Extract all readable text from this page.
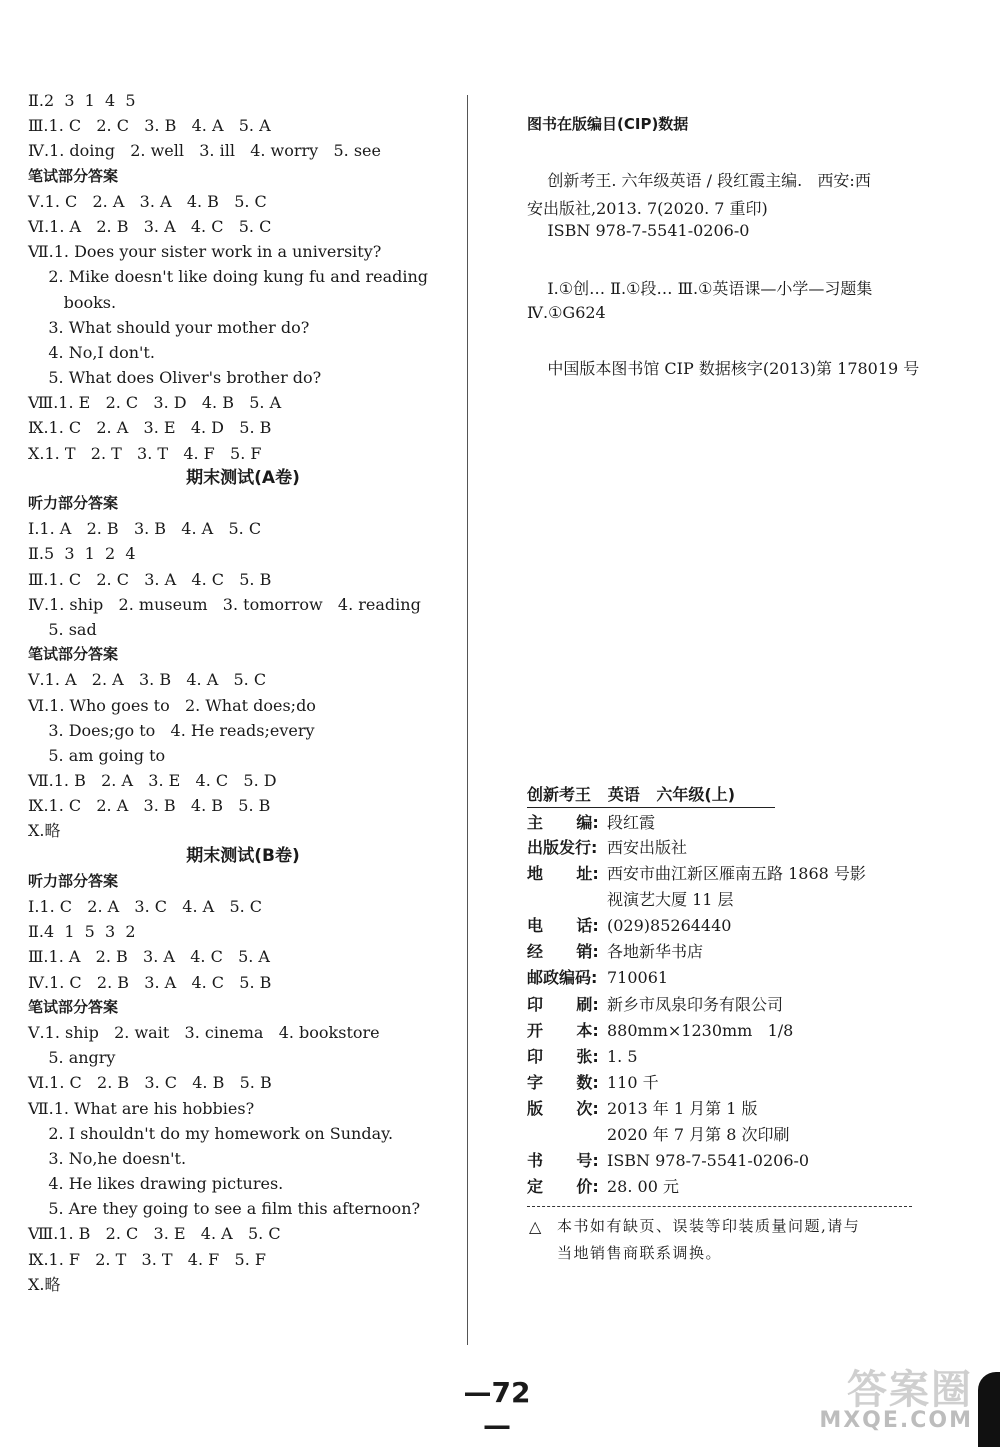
Ⅱ.2  3  1  4  5
Ⅲ.1. C   2. C   3. B   4. A   5. A
Ⅳ.1. doing   2. well   3. ill   4. worry   5. see
笔试部分答案
Ⅴ.1. C   2. A   3. A   4. B   5. C
Ⅵ.1. A   2. B   3. A   4. C   5. C
Ⅶ.1. Does your sister work in a university?
2. Mike doesn't like doing kung fu and reading
books.
3. What should your mother do?
4. No,I don't.
5. What does Oliver's brother do?
Ⅷ.1. E   2. C   3. D   4. B   5. A
Ⅸ.1. C   2. A   3. E   4. D   5. B
Ⅹ.1. T   2. T   3. T   4. F   5. F
期末测试(A卷)
听力部分答案
Ⅰ.1. A   2. B   3. B   4. A   5. C
Ⅱ.5  3  1  2  4
Ⅲ.1. C   2. C   3. A   4. C   5. B
Ⅳ.1. ship   2. museum   3. tomorrow   4. reading
5. sad
笔试部分答案
Ⅴ.1. A   2. A   3. B   4. A   5. C
Ⅵ.1. Who goes to   2. What does;do
3. Does;go to   4. He reads;every
5. am going to
Ⅶ.1. B   2. A   3. E   4. C   5. D
Ⅸ.1. C   2. A   3. B   4. B   5. B
Ⅹ.略
期末测试(B卷)
听力部分答案
Ⅰ.1. C   2. A   3. C   4. A   5. C
Ⅱ.4  1  5  3  2
Ⅲ.1. A   2. B   3. A   4. C   5. A
Ⅳ.1. C   2. B   3. A   4. C   5. B
笔试部分答案
Ⅴ.1. ship   2. wait   3. cinema   4. bookstore
5. angry
Ⅵ.1. C   2. B   3. C   4. B   5. B
Ⅶ.1. What are his hobbies?
2. I shouldn't do my homework on Sunday.
3. No,he doesn't.
4. He likes drawing pictures.
5. Are they going to see a film this afternoon?
Ⅷ.1. B   2. C   3. E   4. A   5. C
Ⅸ.1. F   2. T   3. T   4. F   5. F
Ⅹ.略
图书在版编目(CIP)数据
创新考王. 六年级英语 / 段红霞主编.   西安:西
安出版社,2013. 7(2020. 7 重印)
ISBN 978-7-5541-0206-0
Ⅰ.①创… Ⅱ.①段… Ⅲ.①英语课—小学—习题集
Ⅳ.①G624
中国版本图书馆 CIP 数据核字(2013)第 178019 号
创新考王   英语   六年级(上)
主      编: 段红霞
出版发行: 西安出版社
地      址: 西安市曲江新区雁南五路 1868 号影
视演艺大厦 11 层
电      话: (029)85264440
经      销: 各地新华书店
邮政编码: 710061
印      刷: 新乡市凤泉印务有限公司
开      本: 880mm×1230mm   1/8
印      张: 1. 5
字      数: 110 千
版      次: 2013 年 1 月第 1 版
2020 年 7 月第 8 次印刷
书      号: ISBN 978-7-5541-0206-0
定      价: 28. 00 元
△ 本书如有缺页、误装等印装质量问题,请与
当地销售商联系调换。
—72—
答案圈
MXQE.COM
